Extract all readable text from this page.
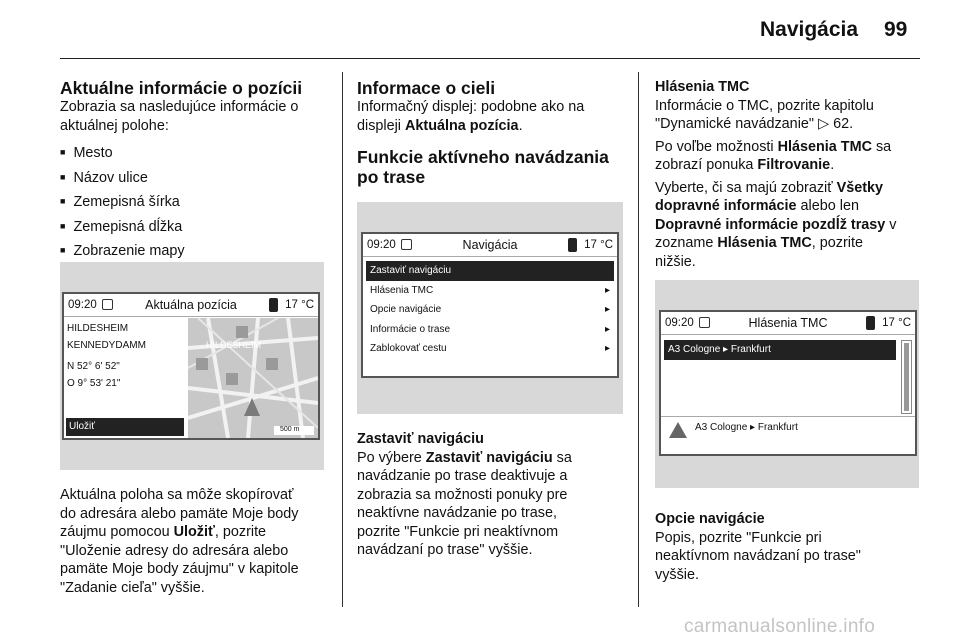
Navigácia 99
Aktuálne informácie o pozícii

Zobrazia sa nasledujúce informácie o

aktuálnej polohe:

■ Mesto
■ Názov ulice
■ Zemepisná šírka
■ Zemepisná dĺžka
■ Zobrazenie mapy
09:20	Aktuálna pozícia	17 °C
HILDESHEIM
KENNEDYDAMM
N 52° 6' 52"
O 9° 53' 21"
Uložiť
HILDESHEIM
500 m

Aktuálna poloha sa môže skopírovať

do adresára alebo pamäte Moje body

záujmu pomocou Uložiť, pozrite

"Uloženie adresy do adresára alebo

pamäte Moje body záujmu" v kapitole

"Zadanie cieľa" vyššie.

Informace o cieli

Informačný displej: podobne ako na

displeji Aktuálna pozícia.

Funkcie aktívneho navádzania
po trase
09:20	Navigácia	17 °C
Zastaviť navigáciu
Hlásenia TMC	▸
Opcie navigácie	▸
Informácie o trase	▸
Zablokovať cestu	▸
Zastaviť navigáciu

Po výbere Zastaviť navigáciu sa

navádzanie po trase deaktivuje a

zobrazia sa možnosti ponuky pre

neaktívne navádzanie po trase,

pozrite "Funkcie pri neaktívnom

navádzaní po trase" vyššie.

Hlásenia TMC

Informácie o TMC, pozrite kapitolu

"Dynamické navádzanie" ▷ 62.

Po voľbe možnosti Hlásenia TMC sa

zobrazí ponuka Filtrovanie.

Vyberte, či sa majú zobraziť Všetky

dopravné informácie alebo len

Dopravné informácie pozdĺž trasy v

zozname Hlásenia TMC, pozrite

nižšie.

09:20	Hlásenia TMC	17 °C
A3 Cologne ▸ Frankfurt
A3 Cologne ▸ Frankfurt
Opcie navigácie

Popis, pozrite "Funkcie pri

neaktívnom navádzaní po trase"

vyššie.

carmanualsonline.info
